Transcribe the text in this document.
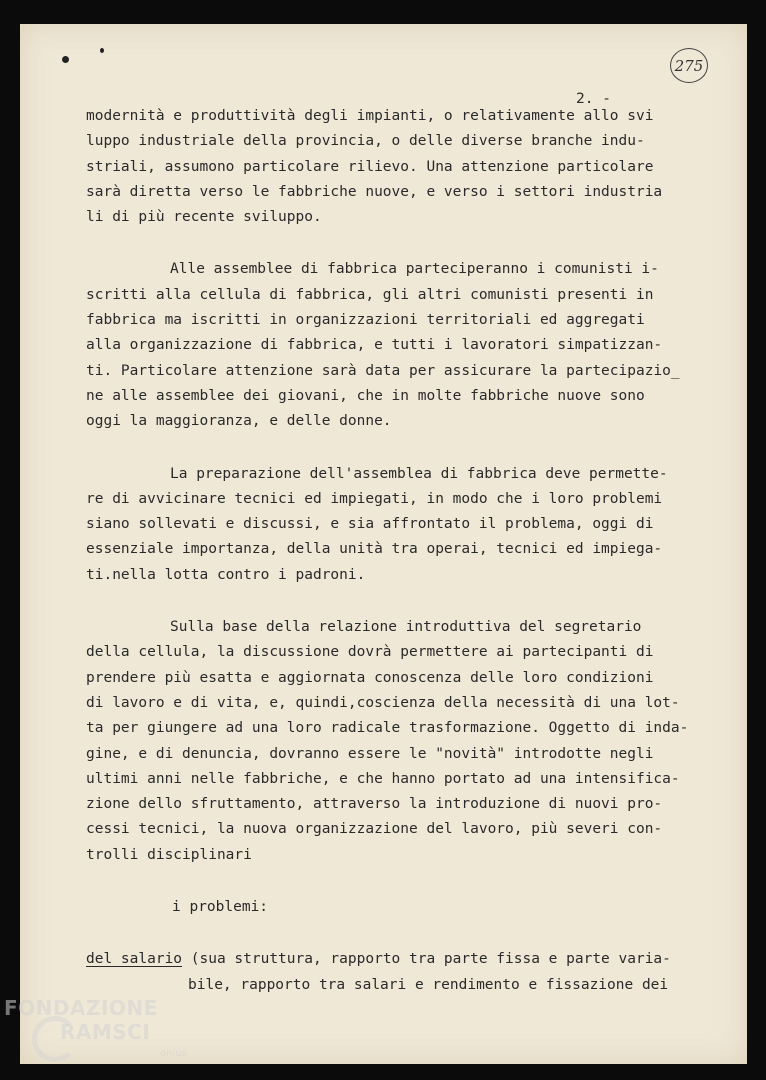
275
2. -
modernità e produttività degli impianti, o relativamente allo svi
luppo industriale della provincia, o delle diverse branche indu-
striali, assumono particolare rilievo. Una attenzione particolare
sarà diretta verso le fabbriche nuove, e verso i settori industria
li di più recente sviluppo.
Alle assemblee di fabbrica parteciperanno i comunisti i-
scritti alla cellula di fabbrica, gli altri comunisti presenti in
fabbrica ma iscritti in organizzazioni territoriali ed aggregati
alla organizzazione di fabbrica, e tutti i lavoratori simpatizzan-
ti. Particolare attenzione sarà data per assicurare la partecipazio_
ne alle assemblee dei giovani, che in molte fabbriche nuove sono
oggi la maggioranza, e delle donne.
La preparazione dell'assemblea di fabbrica deve permette-
re di avvicinare tecnici ed impiegati, in modo che i loro problemi
siano sollevati e discussi, e sia affrontato il problema, oggi di
essenziale importanza, della unità tra operai, tecnici ed impiega-
ti.nella lotta contro i padroni.
Sulla base della relazione introduttiva del segretario
della cellula, la discussione dovrà permettere ai partecipanti di
prendere più esatta e aggiornata conoscenza delle loro condizioni
di lavoro e di vita, e, quindi,coscienza della necessità di una lot-
ta per giungere ad una loro radicale trasformazione. Oggetto di inda-
gine, e di denuncia, dovranno essere le "novità" introdotte negli
ultimi anni nelle fabbriche, e che hanno portato ad una intensifica-
zione dello sfruttamento, attraverso la introduzione di nuovi pro-
cessi tecnici, la nuova organizzazione del lavoro, più severi con-
trolli disciplinari
i problemi:
del salario (sua struttura, rapporto tra parte fissa e parte varia-
bile, rapporto tra salari e rendimento e fissazione dei
FONDAZIONE
RAMSCI
onlus
